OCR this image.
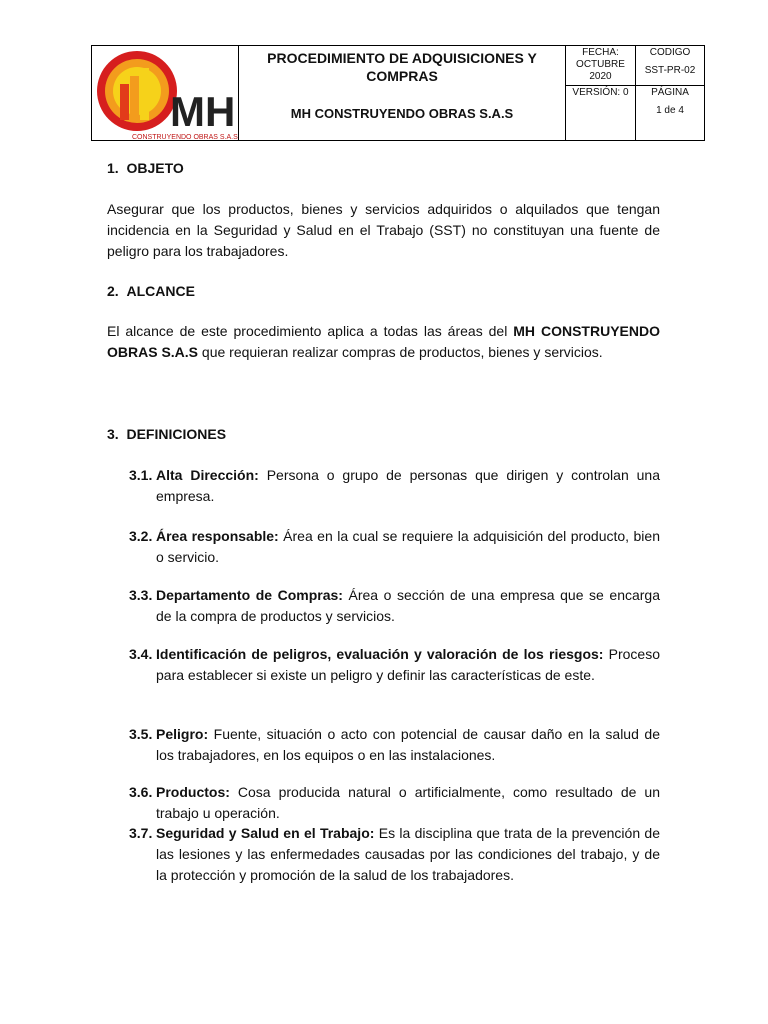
MH
CONSTRUYENDO OBRAS S.A.S
PROCEDIMIENTO DE ADQUISICIONES Y COMPRAS
MH CONSTRUYENDO OBRAS S.A.S
FECHA:
OCTUBRE
2020
CODIGO
SST-PR-02
VERSIÓN: 0	PÁGINA
1 de 4
1. OBJETO
Asegurar que los productos, bienes y servicios adquiridos o alquilados que tengan incidencia en la Seguridad y Salud en el Trabajo (SST) no constituyan una fuente de peligro para los trabajadores.
2. ALCANCE
El alcance de este procedimiento aplica a todas las áreas del MH CONSTRUYENDO OBRAS S.A.S que requieran realizar compras de productos, bienes y servicios.
3. DEFINICIONES
3.1. Alta Dirección: Persona o grupo de personas que dirigen y controlan una empresa.
3.2. Área responsable: Área en la cual se requiere la adquisición del producto, bien o servicio.
3.3. Departamento de Compras: Área o sección de una empresa que se encarga de la compra de productos y servicios.
3.4. Identificación de peligros, evaluación y valoración de los riesgos: Proceso para establecer si existe un peligro y definir las características de este.
3.5. Peligro: Fuente, situación o acto con potencial de causar daño en la salud de los trabajadores, en los equipos o en las instalaciones.
3.6. Productos: Cosa producida natural o artificialmente, como resultado de un trabajo u operación.
3.7. Seguridad y Salud en el Trabajo: Es la disciplina que trata de la prevención de las lesiones y las enfermedades causadas por las condiciones del trabajo, y de la protección y promoción de la salud de los trabajadores.
